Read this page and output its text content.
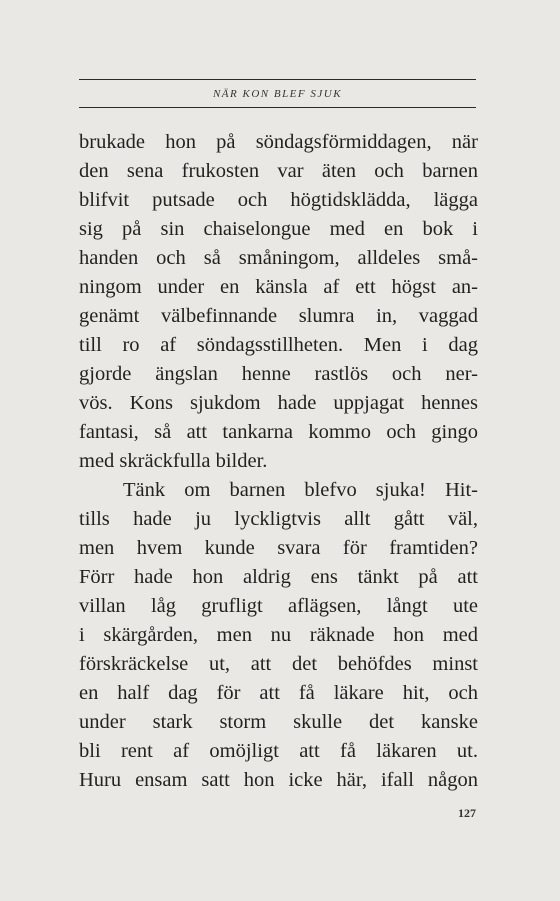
NÄR KON BLEF SJUK
brukade hon på söndagsförmiddagen, när
den sena frukosten var äten och barnen
blifvit putsade och högtidsklädda, lägga
sig på sin chaiselongue med en bok i
handen och så småningom, alldeles små-
ningom under en känsla af ett högst an-
genämt välbefinnande slumra in, vaggad
till ro af söndagsstillheten. Men i dag
gjorde ängslan henne rastlös och ner-
vös. Kons sjukdom hade uppjagat hennes
fantasi, så att tankarna kommo och gingo
med skräckfulla bilder.
Tänk om barnen blefvo sjuka! Hit-
tills hade ju lyckligtvis allt gått väl,
men hvem kunde svara för framtiden?
Förr hade hon aldrig ens tänkt på att
villan låg grufligt aflägsen, långt ute
i skärgården, men nu räknade hon med
förskräckelse ut, att det behöfdes minst
en half dag för att få läkare hit, och
under stark storm skulle det kanske
bli rent af omöjligt att få läkaren ut.
Huru ensam satt hon icke här, ifall någon
127
